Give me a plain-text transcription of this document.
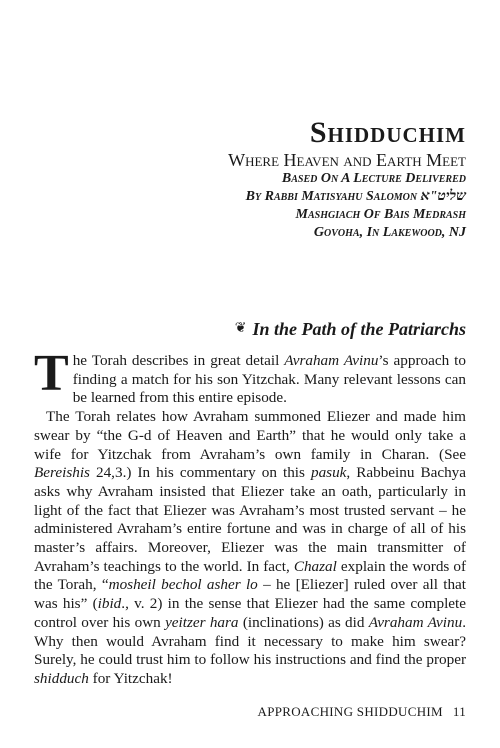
Shidduchim
Where Heaven and Earth Meet
Based On A Lecture Delivered
By Rabbi Matisyahu Salomon שליט"א
Mashgiach Of Bais Medrash
Govoha, In Lakewood, NJ
❦ In the Path of the Patriarchs

T he Torah describes in great detail Avraham Avinu’s approach to finding a match for his son Yitzchak. Many relevant lessons can be learned from this entire episode.

The Torah relates how Avraham summoned Eliezer and made him swear by “the G-d of Heaven and Earth” that he would only take a wife for Yitzchak from Avraham’s own family in Charan. (See Bereishis 24,3.) In his commentary on this pasuk, Rabbeinu Bachya asks why Avraham insisted that Eliezer take an oath, particularly in light of the fact that Eliezer was Avraham’s most trusted servant – he administered Avraham’s entire fortune and was in charge of all of his master’s affairs. Moreover, Eliezer was the main transmitter of Avraham’s teachings to the world. In fact, Chazal explain the words of the Torah, “mosheil bechol asher lo – he [Eliezer] ruled over all that was his” (ibid., v. 2) in the sense that Eliezer had the same complete control over his own yeitzer hara (inclinations) as did Avraham Avinu. Why then would Avraham find it necessary to make him swear? Surely, he could trust him to follow his instructions and find the proper shidduch for Yitzchak!

APPROACHING SHIDDUCHIM 11
